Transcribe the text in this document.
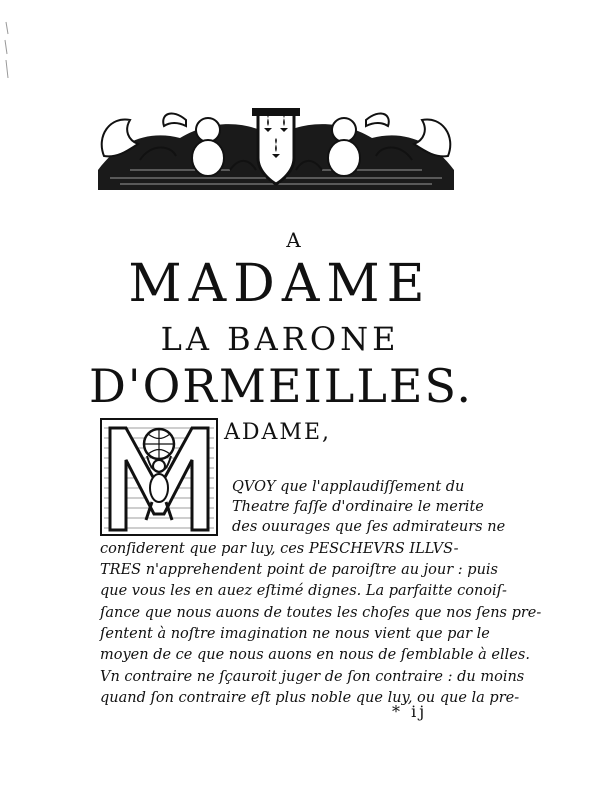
A
MADAME
LA BARONE
D'ORMEILLES.
ADAME,
QVOY que l'applaudiſſement du
Theatre faſſe d'ordinaire le merite
des ouurages que ſes admirateurs ne
conſiderent que par luy, ces PESCHEVRS ILLVS-
TRES n'apprehendent point de paroiſtre au jour : puis
que vous les en auez eſtimé dignes. La parfaitte conoiſ-
ſance que nous auons de toutes les choſes que nos ſens pre-
ſentent à noſtre imagination ne nous vient que par le
moyen de ce que nous auons en nous de ſemblable à elles.
Vn contraire ne ſçauroit juger de ſon contraire : du moins
quand ſon contraire eſt plus noble que luy, ou que la pre-
* ij
